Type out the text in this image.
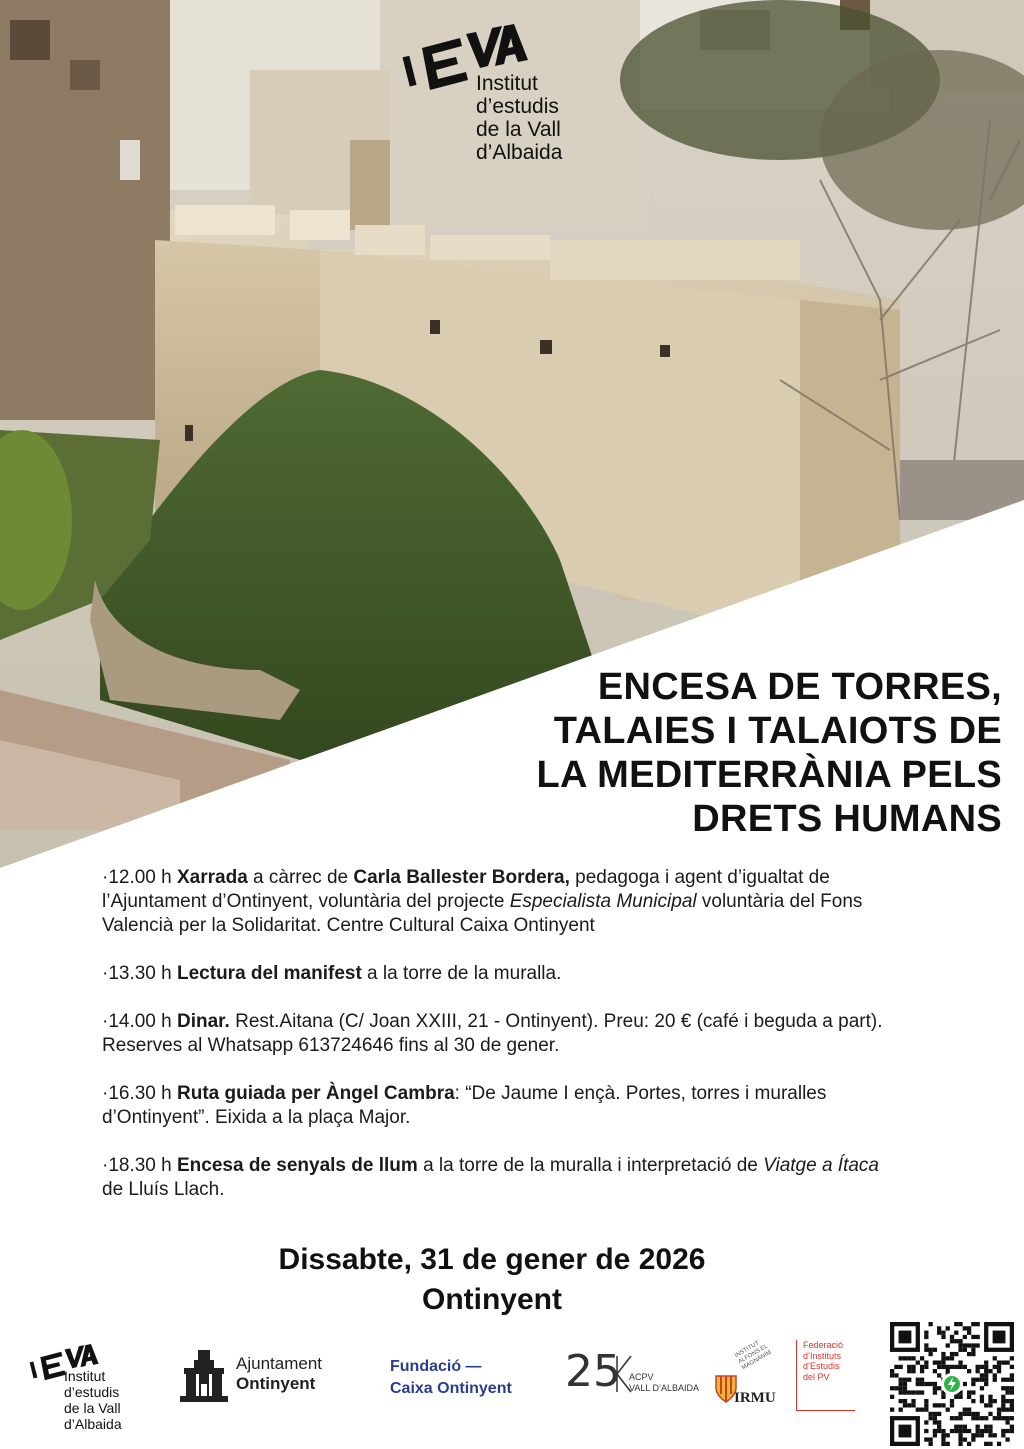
Institut
d’estudis
de la Vall
d’Albaida
ENCESA DE TORRES,
TALAIES I TALAIOTS DE
LA MEDITERRÀNIA PELS
DRETS HUMANS

·12.00 h Xarrada a càrrec de Carla Ballester Bordera, pedagoga i agent d’igualtat de l’Ajuntament d’Ontinyent, voluntària del projecte Especialista Municipal voluntària del Fons Valencià per la Solidaritat. Centre Cultural Caixa Ontinyent

·13.30 h Lectura del manifest a la torre de la muralla.

·14.00 h Dinar. Rest.Aitana (C/ Joan XXIII, 21 - Ontinyent). Preu: 20 € (café i beguda a part). Reserves al Whatsapp 613724646 fins al 30 de gener.

·16.30 h Ruta guiada per Àngel Cambra: “De Jaume I ençà. Portes, torres i muralles d’Ontinyent”. Eixida a la plaça Major.

·18.30 h Encesa de senyals de llum a la torre de la muralla i interpretació de Viatge a Ítaca de Lluís Llach.

Dissabte, 31 de gener de 2026
Ontinyent
Institut
d’estudis
de la Vall
d’Albaida
Ajuntament
Ontinyent
Fundació —
Caixa Ontinyent 25 ACPV
VALL D’ALBAIDA
INSTITUT ALFONS EL MAGNÀNIM
IRMU
Federació
d’Instituts
d’Estudis
del PV
